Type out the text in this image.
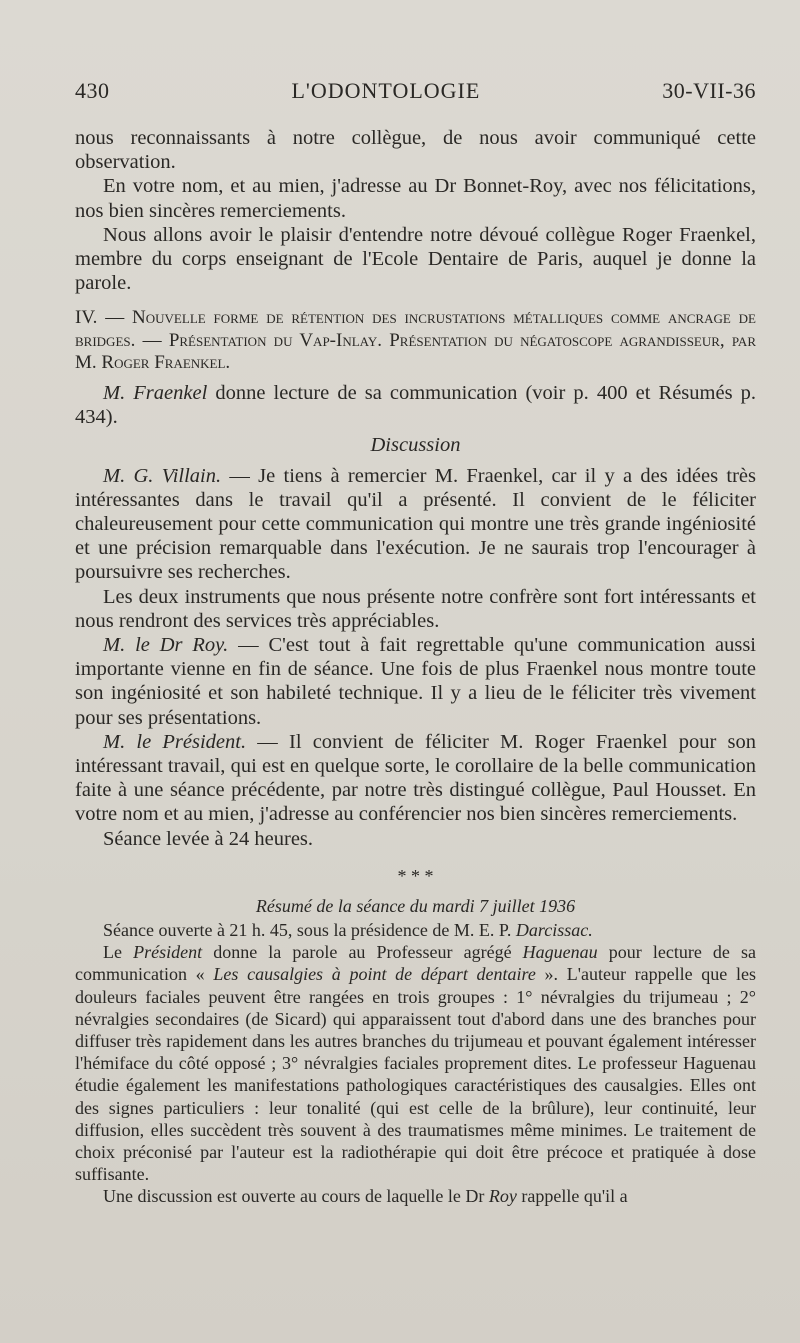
430	L'ODONTOLOGIE	30-VII-36

nous reconnaissants à notre collègue, de nous avoir communiqué cette observation.

En votre nom, et au mien, j'adresse au Dr Bonnet-Roy, avec nos félicitations, nos bien sincères remerciements.

Nous allons avoir le plaisir d'entendre notre dévoué collègue Roger Fraenkel, membre du corps enseignant de l'Ecole Dentaire de Paris, auquel je donne la parole.

IV. — Nouvelle forme de rétention des incrustations métalliques comme ancrage de bridges. — Présentation du Vap-Inlay. Présentation du négatoscope agrandisseur, par M. Roger Fraenkel.

M. Fraenkel donne lecture de sa communication (voir p. 400 et Résumés p. 434).

Discussion

M. G. Villain. — Je tiens à remercier M. Fraenkel, car il y a des idées très intéressantes dans le travail qu'il a présenté. Il convient de le féliciter chaleureusement pour cette communication qui montre une très grande ingéniosité et une précision remarquable dans l'exécution. Je ne saurais trop l'encourager à poursuivre ses recherches.

Les deux instruments que nous présente notre confrère sont fort intéressants et nous rendront des services très appréciables.

M. le Dr Roy. — C'est tout à fait regrettable qu'une communication aussi importante vienne en fin de séance. Une fois de plus Fraenkel nous montre toute son ingéniosité et son habileté technique. Il y a lieu de le féliciter très vivement pour ses présentations.

M. le Président. — Il convient de féliciter M. Roger Fraenkel pour son intéressant travail, qui est en quelque sorte, le corollaire de la belle communication faite à une séance précédente, par notre très distingué collègue, Paul Housset. En votre nom et au mien, j'adresse au conférencier nos bien sincères remerciements.

Séance levée à 24 heures.

* * *

Résumé de la séance du mardi 7 juillet 1936

Séance ouverte à 21 h. 45, sous la présidence de M. E. P. Darcissac.

Le Président donne la parole au Professeur agrégé Haguenau pour lecture de sa communication « Les causalgies à point de départ dentaire ». L'auteur rappelle que les douleurs faciales peuvent être rangées en trois groupes : 1° névralgies du trijumeau ; 2° névralgies secondaires (de Sicard) qui apparaissent tout d'abord dans une des branches pour diffuser très rapidement dans les autres branches du trijumeau et pouvant également intéresser l'hémiface du côté opposé ; 3° névralgies faciales proprement dites. Le professeur Haguenau étudie également les manifestations pathologiques caractéristiques des causalgies. Elles ont des signes particuliers : leur tonalité (qui est celle de la brûlure), leur continuité, leur diffusion, elles succèdent très souvent à des traumatismes même minimes. Le traitement de choix préconisé par l'auteur est la radiothérapie qui doit être précoce et pratiquée à dose suffisante.

Une discussion est ouverte au cours de laquelle le Dr Roy rappelle qu'il a
